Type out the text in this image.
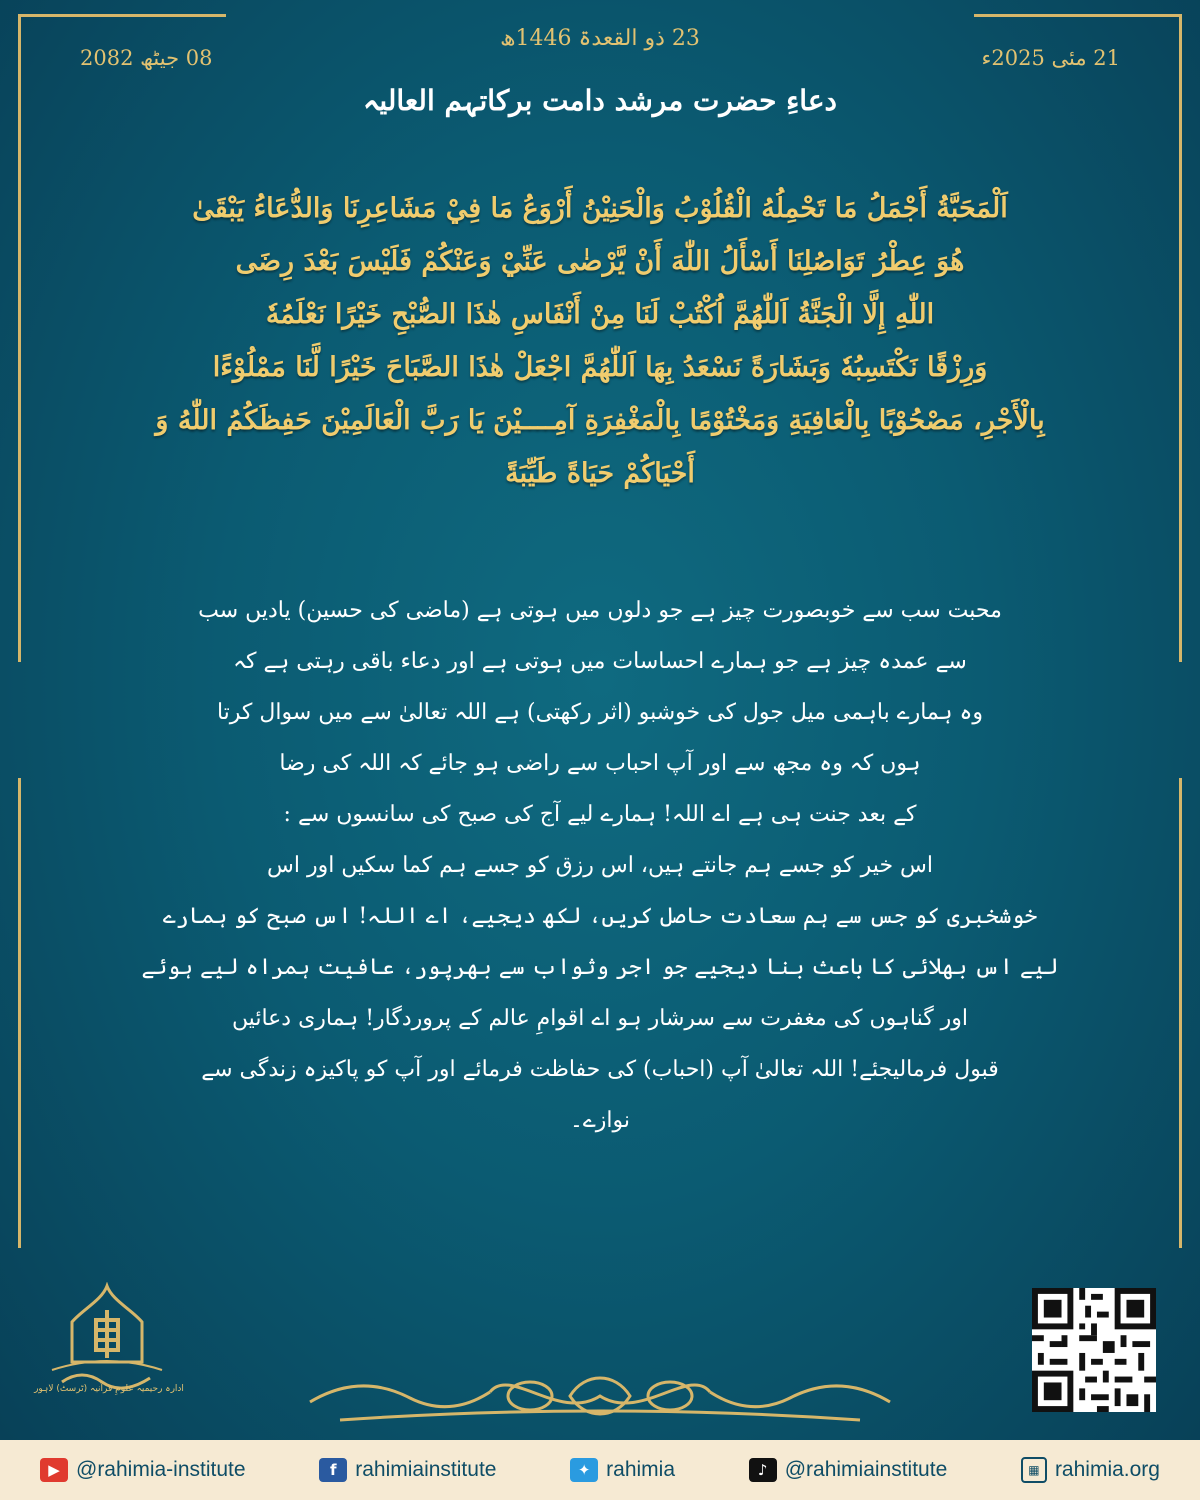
23 ذو القعدۃ 1446ھ
08 جیٹھ 2082	21 مئی 2025ء
دعاءِ حضرت مرشد دامت برکاتہم العالیہ
اَلْمَحَبَّةُ أَجْمَلُ مَا تَحْمِلُهُ الْقُلُوْبُ وَالْحَنِيْنُ أَرْوَعُ مَا فِيْ مَشَاعِرِنَا وَالدُّعَاءُ يَبْقَىٰ
هُوَ عِطْرُ تَوَاصُلِنَا أَسْأَلُ اللّٰهَ أَنْ يَّرْضٰى عَنِّيْ وَعَنْكُمْ فَلَيْسَ بَعْدَ رِضَى
اللّٰهِ إِلَّا الْجَنَّةُ اَللّٰهُمَّ اُكْتُبْ لَنَا مِنْ أَنْفَاسِ هٰذَا الصُّبْحِ خَيْرًا نَعْلَمُهٗ
وَرِزْقًا نَكْتَسِبُهٗ وَبَشَارَةً نَسْعَدُ بِهَا اَللّٰهُمَّ اجْعَلْ هٰذَا الصَّبَاحَ خَيْرًا لَّنَا مَمْلُوْءًا
بِالْأَجْرِ، مَصْحُوْبًا بِالْعَافِيَةِ وَمَخْتُوْمًا بِالْمَغْفِرَةِ آمِــــيْنَ يَا رَبَّ الْعَالَمِيْنَ حَفِظَكُمُ اللّٰهُ وَ
أَحْيَاكُمْ حَيَاةً طَيِّبَةً
محبت سب سے خوبصورت چیز ہے جو دلوں میں ہوتی ہے (ماضی کی حسین) یادیں سب
سے عمدہ چیز ہے جو ہمارے احساسات میں ہوتی ہے اور دعاء باقی رہتی ہے کہ
وہ ہمارے باہمی میل جول کی خوشبو (اثر رکھتی) ہے اللہ تعالیٰ سے میں سوال کرتا
ہوں کہ وہ مجھ سے اور آپ احباب سے راضی ہو جائے کہ اللہ کی رضا
کے بعد جنت ہی ہے اے اللہ! ہمارے لیے آج کی صبح کی سانسوں سے :
اس خیر کو جسے ہم جانتے ہیں، اس رزق کو جسے ہم کما سکیں اور اس
خوشخبری کو جس سے ہم سعادت حاصل کریں، لکھ دیجیے، اے اللہ! اس صبح کو ہمارے
لیے اس بھلائی کا باعث بنا دیجیے جو اجر وثواب سے بھرپور، عافیت ہمراہ لیے ہوئے
اور گناہوں کی مغفرت سے سرشار ہو اے اقوامِ عالم کے پروردگار! ہماری دعائیں
قبول فرمالیجئے! اللہ تعالیٰ آپ (احباب) کی حفاظت فرمائے اور آپ کو پاکیزہ زندگی سے
نوازے۔
ادارہ رحیمیہ علومِ قرآنیہ (ٹرسٹ) لاہور
▶ @rahimia-institute	f rahimiainstitute	✦ rahimia	♪ @rahimiainstitute	▦ rahimia.org
